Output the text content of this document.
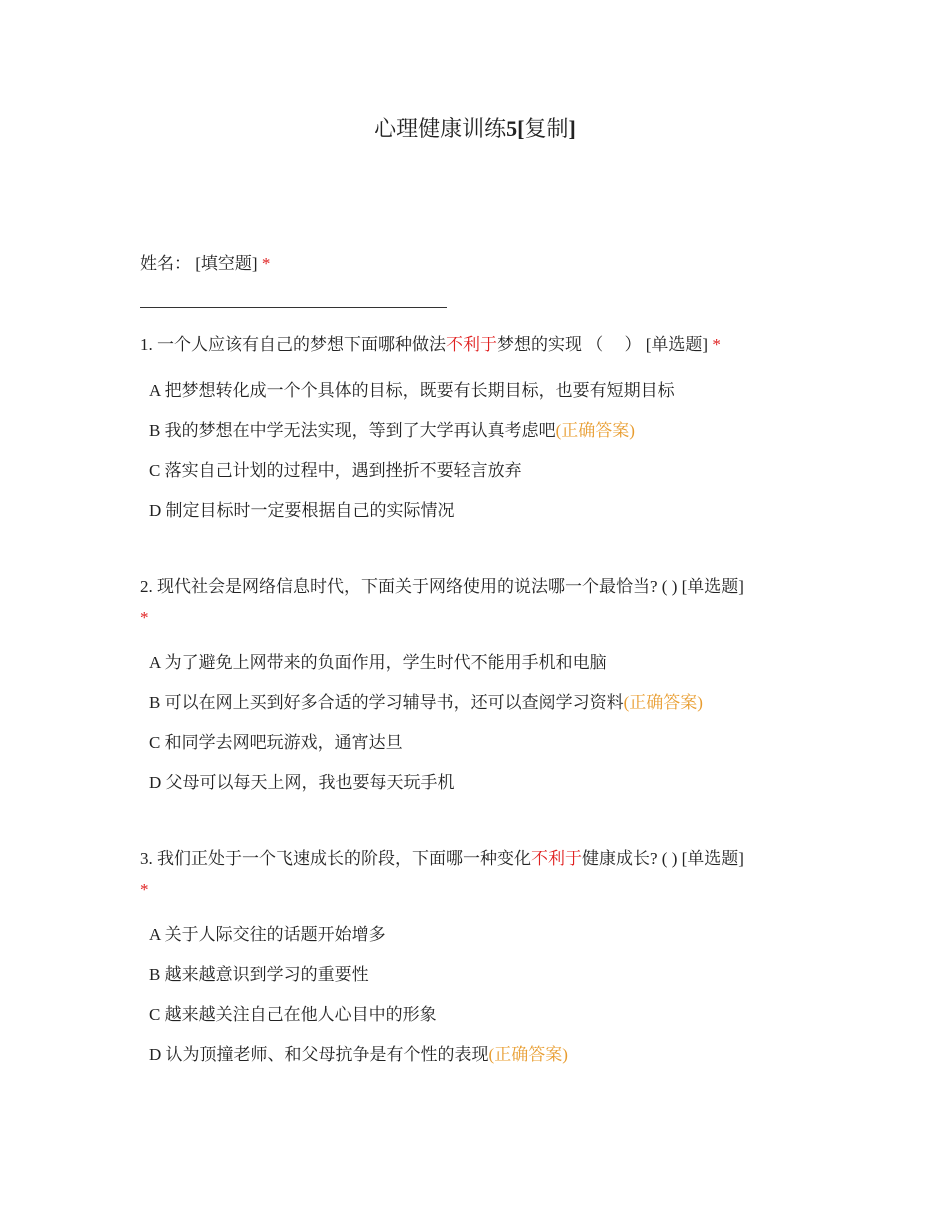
心理健康训练5[复制]
姓名： [填空题] *
1. 一个人应该有自己的梦想下面哪种做法不利于梦想的实现 （　 ） [单选题] *
A 把梦想转化成一个个具体的目标，既要有长期目标，也要有短期目标
B 我的梦想在中学无法实现，等到了大学再认真考虑吧(正确答案)
C 落实自己计划的过程中，遇到挫折不要轻言放弃
D 制定目标时一定要根据自己的实际情况
2. 现代社会是网络信息时代，下面关于网络使用的说法哪一个最恰当? ( ) [单选题]
*
A 为了避免上网带来的负面作用，学生时代不能用手机和电脑
B 可以在网上买到好多合适的学习辅导书，还可以查阅学习资料(正确答案)
C 和同学去网吧玩游戏，通宵达旦
D 父母可以每天上网，我也要每天玩手机
3. 我们正处于一个飞速成长的阶段，下面哪一种变化不利于健康成长? ( ) [单选题]
*
A 关于人际交往的话题开始增多
B 越来越意识到学习的重要性
C 越来越关注自己在他人心目中的形象
D 认为顶撞老师、和父母抗争是有个性的表现(正确答案)
